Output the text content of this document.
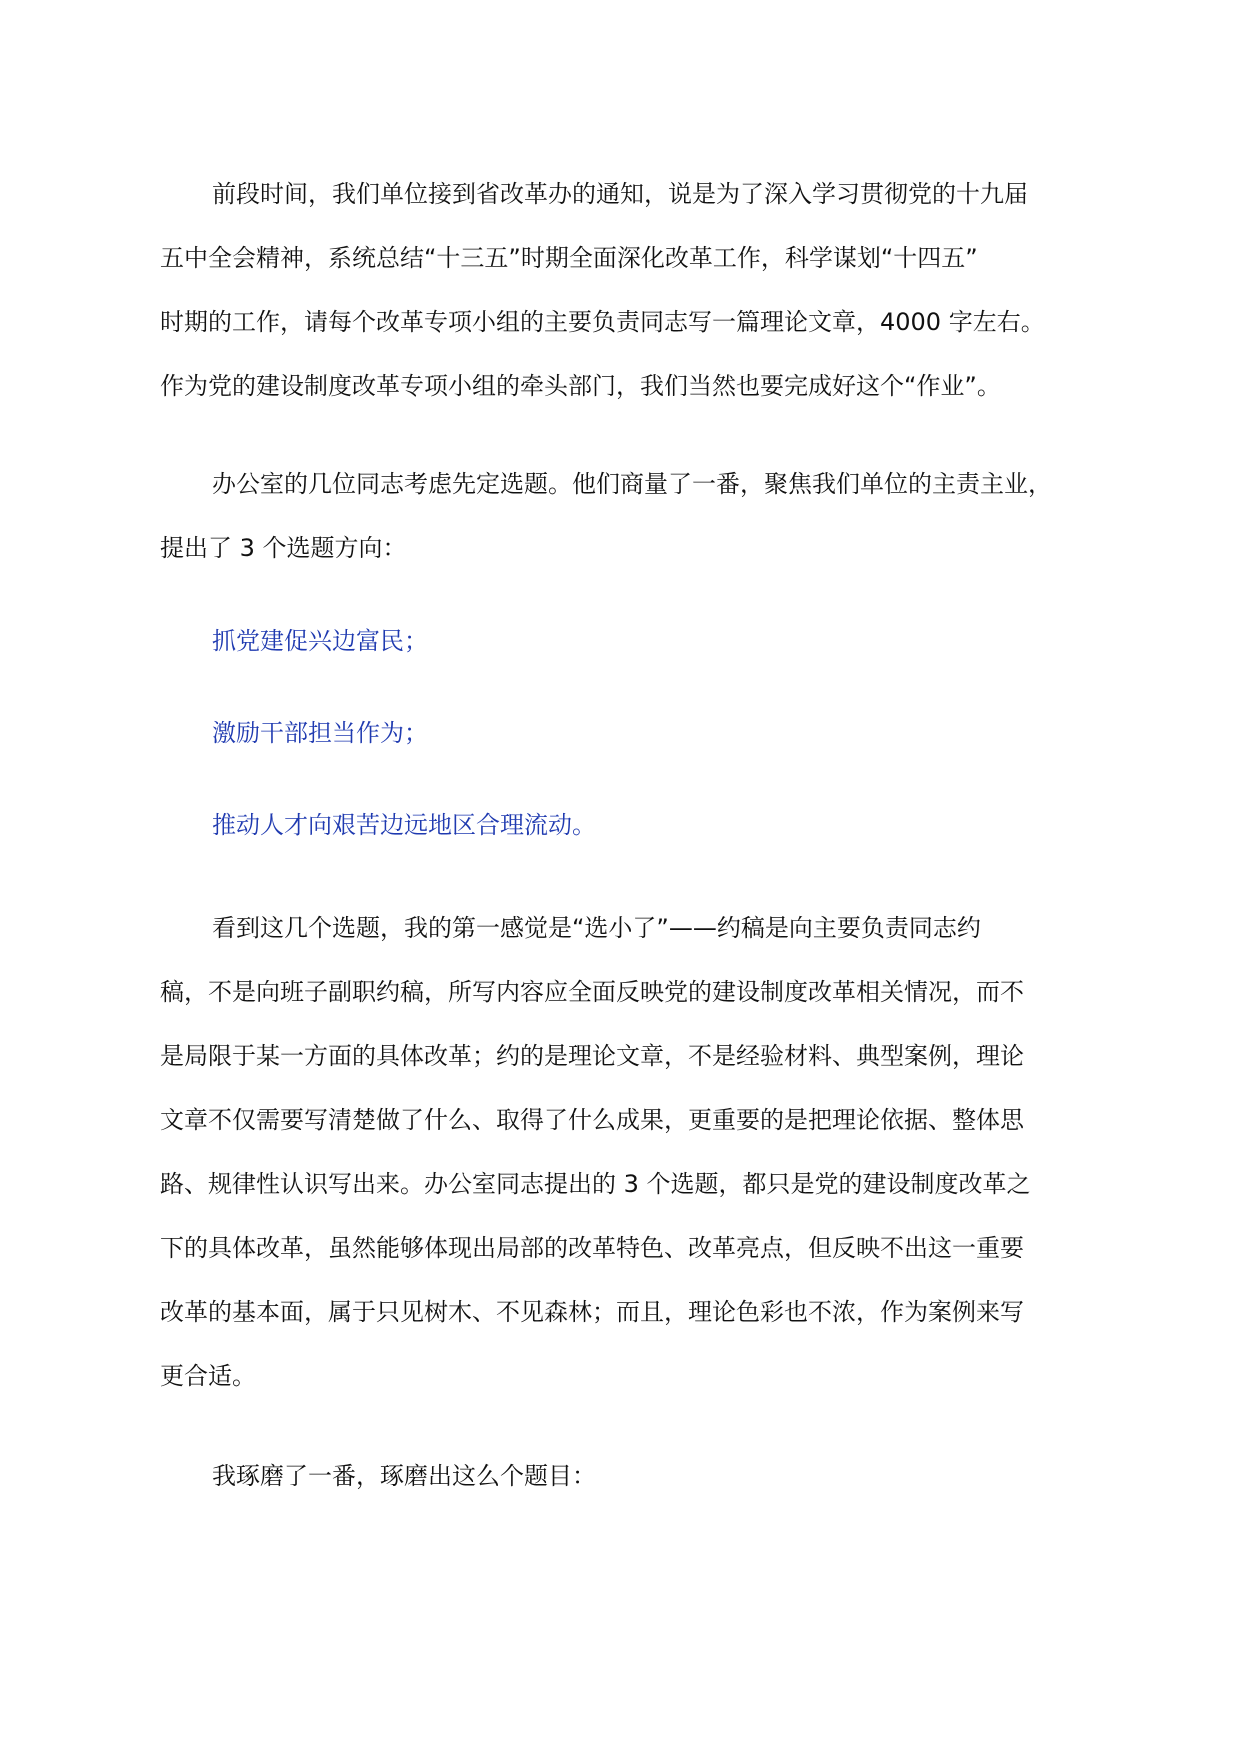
前段时间，我们单位接到省改革办的通知，说是为了深入学习贯彻党的十九届
五中全会精神，系统总结“十三五”时期全面深化改革工作，科学谋划“十四五”
时期的工作，请每个改革专项小组的主要负责同志写一篇理论文章，4000 字左右。
作为党的建设制度改革专项小组的牵头部门，我们当然也要完成好这个“作业”。
办公室的几位同志考虑先定选题。他们商量了一番，聚焦我们单位的主责主业，
提出了 3 个选题方向：
抓党建促兴边富民；
激励干部担当作为；
推动人才向艰苦边远地区合理流动。
看到这几个选题，我的第一感觉是“选小了”——约稿是向主要负责同志约
稿，不是向班子副职约稿，所写内容应全面反映党的建设制度改革相关情况，而不
是局限于某一方面的具体改革；约的是理论文章，不是经验材料、典型案例，理论
文章不仅需要写清楚做了什么、取得了什么成果，更重要的是把理论依据、整体思
路、规律性认识写出来。办公室同志提出的 3 个选题，都只是党的建设制度改革之
下的具体改革，虽然能够体现出局部的改革特色、改革亮点，但反映不出这一重要
改革的基本面，属于只见树木、不见森林；而且，理论色彩也不浓，作为案例来写
更合适。
我琢磨了一番，琢磨出这么个题目：
